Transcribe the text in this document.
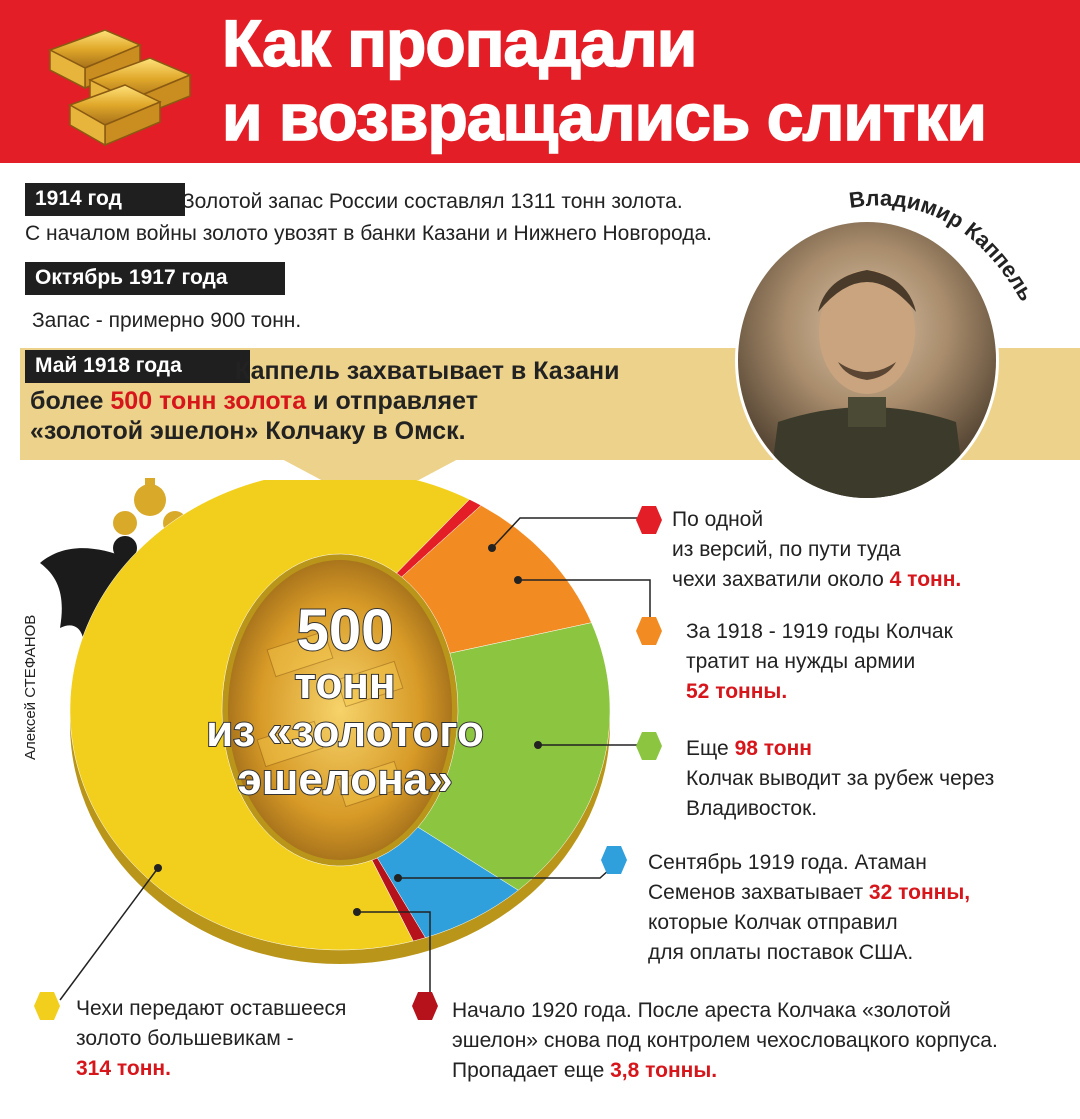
Как пропадали
и возвращались слитки
1914 год	Золотой запас России составлял 1311 тонн золота.
С началом войны золото увозят в банки Казани и Нижнего Новгорода.
Октябрь 1917 года
Запас - примерно 900 тонн.
Май 1918 года	Каппель захватывает в Казани
более 500 тонн золота и отправляет
«золотой эшелон» Колчаку в Омск.
Владимир Каппель
Алексей СТЕФАНОВ	500
тонн
из «золотого
эшелона»
По одной
из версий, по пути туда
чехи захватили около 4 тонн.
За 1918 - 1919 годы Колчак
тратит на нужды армии
52 тонны.
Еще 98 тонн
Колчак выводит за рубеж через
Владивосток.
Сентябрь 1919 года. Атаман
Семенов захватывает 32 тонны,
которые Колчак отправил
для оплаты поставок США.
Чехи передают оставшееся
золото большевикам -
314 тонн.
Начало 1920 года. После ареста Колчака «золотой
эшелон» снова под контролем чехословацкого корпуса.
Пропадает еще 3,8 тонны.
